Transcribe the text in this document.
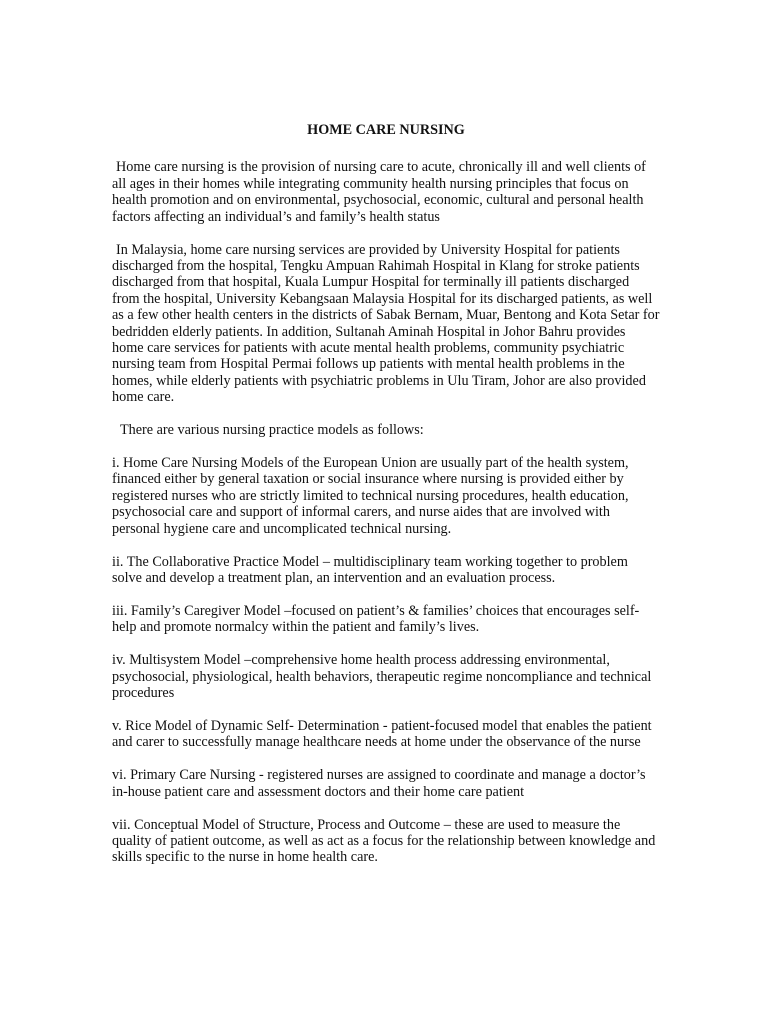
HOME CARE NURSING

Home care nursing is the provision of nursing care to acute, chronically ill and well clients of all ages in their homes while integrating community health nursing principles that focus on health promotion and on environmental, psychosocial, economic, cultural and personal health factors affecting an individual’s and family’s health status

In Malaysia, home care nursing services are provided by University Hospital for patients discharged from the hospital, Tengku Ampuan Rahimah Hospital in Klang for stroke patients discharged from that hospital, Kuala Lumpur Hospital for terminally ill patients discharged from the hospital, University Kebangsaan Malaysia Hospital for its discharged patients, as well as a few other health centers in the districts of Sabak Bernam, Muar, Bentong and Kota Setar for bedridden elderly patients. In addition, Sultanah Aminah Hospital in Johor Bahru provides home care services for patients with acute mental health problems, community psychiatric nursing team from Hospital Permai follows up patients with mental health problems in the homes, while elderly patients with psychiatric problems in Ulu Tiram, Johor are also provided home care.

There are various nursing practice models as follows:

i. Home Care Nursing Models of the European Union are usually part of the health system, financed either by general taxation or social insurance where nursing is provided either by registered nurses who are strictly limited to technical nursing procedures, health education, psychosocial care and support of informal carers, and nurse aides that are involved with personal hygiene care and uncomplicated technical nursing.

ii. The Collaborative Practice Model – multidisciplinary team working together to problem solve and develop a treatment plan, an intervention and an evaluation process.

iii. Family’s Caregiver Model –focused on patient’s & families’ choices that encourages self-help and promote normalcy within the patient and family’s lives.

iv. Multisystem Model –comprehensive home health process addressing environmental, psychosocial, physiological, health behaviors, therapeutic regime noncompliance and technical procedures

v. Rice Model of Dynamic Self- Determination - patient-focused model that enables the patient and carer to successfully manage healthcare needs at home under the observance of the nurse

vi. Primary Care Nursing - registered nurses are assigned to coordinate and manage a doctor’s in-house patient care and assessment doctors and their home care patient

vii. Conceptual Model of Structure, Process and Outcome – these are used to measure the quality of patient outcome, as well as act as a focus for the relationship between knowledge and skills specific to the nurse in home health care.
